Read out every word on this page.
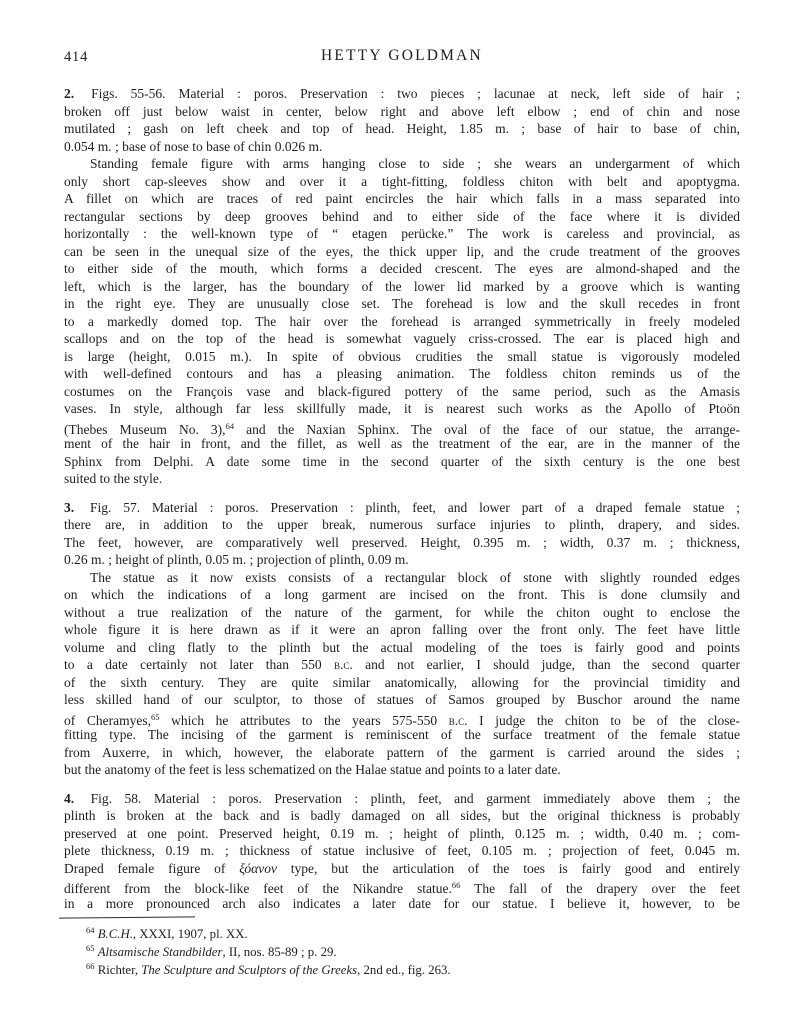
414	HETTY GOLDMAN
2. Figs. 55-56. Material : poros. Preservation : two pieces ; lacunae at neck, left side of hair ;
broken off just below waist in center, below right and above left elbow ; end of chin and nose
mutilated ; gash on left cheek and top of head. Height, 1.85 m. ; base of hair to base of chin,
0.054 m. ; base of nose to base of chin 0.026 m.
Standing female figure with arms hanging close to side ; she wears an undergarment of which
only short cap-sleeves show and over it a tight-fitting, foldless chiton with belt and apoptygma.
A fillet on which are traces of red paint encircles the hair which falls in a mass separated into
rectangular sections by deep grooves behind and to either side of the face where it is divided
horizontally : the well-known type of “ etagen perücke.” The work is careless and provincial, as
can be seen in the unequal size of the eyes, the thick upper lip, and the crude treatment of the grooves
to either side of the mouth, which forms a decided crescent. The eyes are almond-shaped and the
left, which is the larger, has the boundary of the lower lid marked by a groove which is wanting
in the right eye. They are unusually close set. The forehead is low and the skull recedes in front
to a markedly domed top. The hair over the forehead is arranged symmetrically in freely modeled
scallops and on the top of the head is somewhat vaguely criss-crossed. The ear is placed high and
is large (height, 0.015 m.). In spite of obvious crudities the small statue is vigorously modeled
with well-defined contours and has a pleasing animation. The foldless chiton reminds us of the
costumes on the François vase and black-figured pottery of the same period, such as the Amasis
vases. In style, although far less skillfully made, it is nearest such works as the Apollo of Ptoön
(Thebes Museum No. 3),$^{64}$ and the Naxian Sphinx. The oval of the face of our statue, the arrange-
ment of the hair in front, and the fillet, as well as the treatment of the ear, are in the manner of the
Sphinx from Delphi. A date some time in the second quarter of the sixth century is the one best
suited to the style.
3. Fig. 57. Material : poros. Preservation : plinth, feet, and lower part of a draped female statue ;
there are, in addition to the upper break, numerous surface injuries to plinth, drapery, and sides.
The feet, however, are comparatively well preserved. Height, 0.395 m. ; width, 0.37 m. ; thickness,
0.26 m. ; height of plinth, 0.05 m. ; projection of plinth, 0.09 m.
The statue as it now exists consists of a rectangular block of stone with slightly rounded edges
on which the indications of a long garment are incised on the front. This is done clumsily and
without a true realization of the nature of the garment, for while the chiton ought to enclose the
whole figure it is here drawn as if it were an apron falling over the front only. The feet have little
volume and cling flatly to the plinth but the actual modeling of the toes is fairly good and points
to a date certainly not later than 550 b.c. and not earlier, I should judge, than the second quarter
of the sixth century. They are quite similar anatomically, allowing for the provincial timidity and
less skilled hand of our sculptor, to those of statues of Samos grouped by Buschor around the name
of Cheramyes,$^{65}$ which he attributes to the years 575-550 b.c. I judge the chiton to be of the close-
fitting type. The incising of the garment is reminiscent of the surface treatment of the female statue
from Auxerre, in which, however, the elaborate pattern of the garment is carried around the sides ;
but the anatomy of the feet is less schematized on the Halae statue and points to a later date.
4. Fig. 58. Material : poros. Preservation : plinth, feet, and garment immediately above them ; the
plinth is broken at the back and is badly damaged on all sides, but the original thickness is probably
preserved at one point. Preserved height, 0.19 m. ; height of plinth, 0.125 m. ; width, 0.40 m. ; com-
plete thickness, 0.19 m. ; thickness of statue inclusive of feet, 0.105 m. ; projection of feet, 0.045 m.
Draped female figure of ξόανον type, but the articulation of the toes is fairly good and entirely
different from the block-like feet of the Nikandre statue.$^{66}$ The fall of the drapery over the feet
in a more pronounced arch also indicates a later date for our statue. I believe it, however, to be
$^{64}$ B.C.H., XXXI, 1907, pl. XX.
$^{65}$ Altsamische Standbilder, II, nos. 85-89 ; p. 29.
$^{66}$ Richter, The Sculpture and Sculptors of the Greeks, 2nd ed., fig. 263.
